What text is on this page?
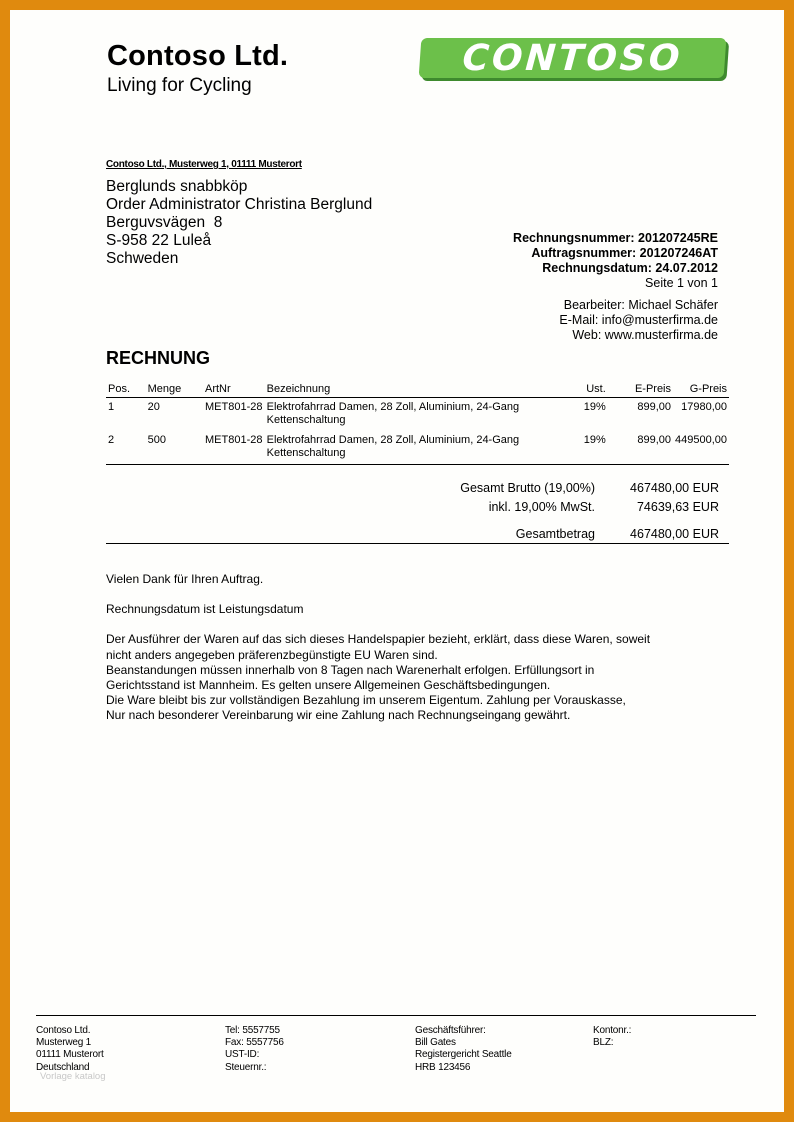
Contoso Ltd.
Living for Cycling
CONTOSO
Contoso Ltd., Musterweg 1, 01111 Musterort
Berglunds snabbköp
Order Administrator Christina Berglund
Berguvsvägen  8
S-958 22 Luleå
Schweden
Rechnungsnummer: 201207245RE
Auftragsnummer: 201207246AT
Rechnungsdatum: 24.07.2012
Seite 1 von 1
Bearbeiter: Michael Schäfer
E-Mail: info@musterfirma.de
Web: www.musterfirma.de
RECHNUNG
Pos.	Menge	ArtNr	Bezeichnung	Ust.	E-Preis	G-Preis
1	20	MET801-28	Elektrofahrrad Damen, 28 Zoll, Aluminium, 24-Gang
Kettenschaltung	19%	899,00	17980,00
2	500	MET801-28	Elektrofahrrad Damen, 28 Zoll, Aluminium, 24-Gang
Kettenschaltung	19%	899,00	449500,00
Gesamt Brutto (19,00%)	467480,00 EUR
inkl. 19,00% MwSt.	74639,63 EUR
Gesamtbetrag	467480,00 EUR

Vielen Dank für Ihren Auftrag.

Rechnungsdatum ist Leistungsdatum

Der Ausführer der Waren auf das sich dieses Handelspapier bezieht, erklärt, dass diese Waren, soweit
nicht anders angegeben präferenzbegünstigte EU Waren sind.
Beanstandungen müssen innerhalb von 8 Tagen nach Warenerhalt erfolgen. Erfüllungsort in
Gerichtsstand ist Mannheim. Es gelten unsere Allgemeinen Geschäftsbedingungen.
Die Ware bleibt bis zur vollständigen Bezahlung im unserem Eigentum. Zahlung per Vorauskasse,
Nur nach besonderer Vereinbarung wir eine Zahlung nach Rechnungseingang gewährt.
Contoso Ltd.
Musterweg 1
01111 Musterort
Deutschland
Vorlage katalog
Tel: 5557755
Fax: 5557756
UST-ID:
Steuernr.:
Geschäftsführer:
Bill Gates
Registergericht Seattle
HRB 123456
Kontonr.:
BLZ:
